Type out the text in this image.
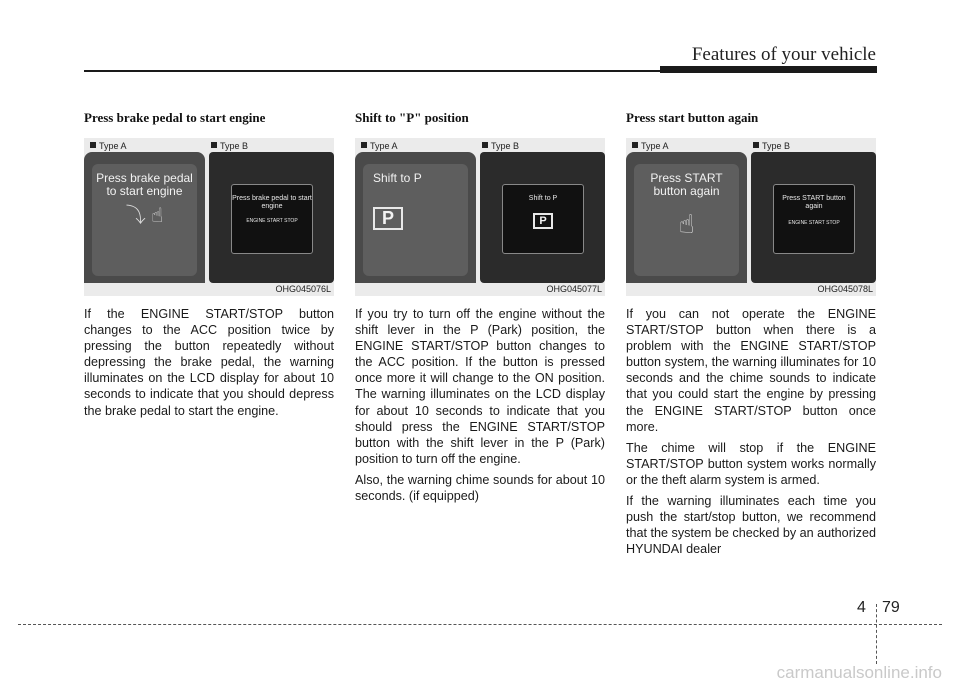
Features of your vehicle
Press brake pedal to start engine
Type A	Type B
Press brake pedal to start engine
⤵ ☝
Press brake pedal to start engine
ENGINE START STOP
OHG045076L

If the ENGINE START/STOP button changes to the ACC position twice by pressing the button repeatedly without depressing the brake pedal, the warning illuminates on the LCD display for about 10 seconds to indicate that you should depress the brake pedal to start the engine.

Shift to "P" position
Type A	Type B
Shift to P
P
Shift to P
P
OHG045077L

If you try to turn off the engine without the shift lever in the P (Park) position, the ENGINE START/STOP button changes to the ACC position. If the button is pressed once more it will change to the ON position. The warning illuminates on the LCD display for about 10 seconds to indicate that you should press the ENGINE START/STOP button with the shift lever in the P (Park) position to turn off the engine.

Also, the warning chime sounds for about 10 seconds. (if equipped)

Press start button again
Type A	Type B
Press START button again
☝
Press START button again
ENGINE START STOP
OHG045078L

If you can not operate the ENGINE START/STOP button when there is a problem with the ENGINE START/STOP button system, the warning illuminates for 10 seconds and the chime sounds to indicate that you could start the engine by pressing the ENGINE START/STOP button once more.

The chime will stop if the ENGINE START/STOP button system works normally or the theft alarm system is armed.

If the warning illuminates each time you push the start/stop button, we recommend that the system be checked by an authorized HYUNDAI dealer

4 79
carmanualsonline.info
